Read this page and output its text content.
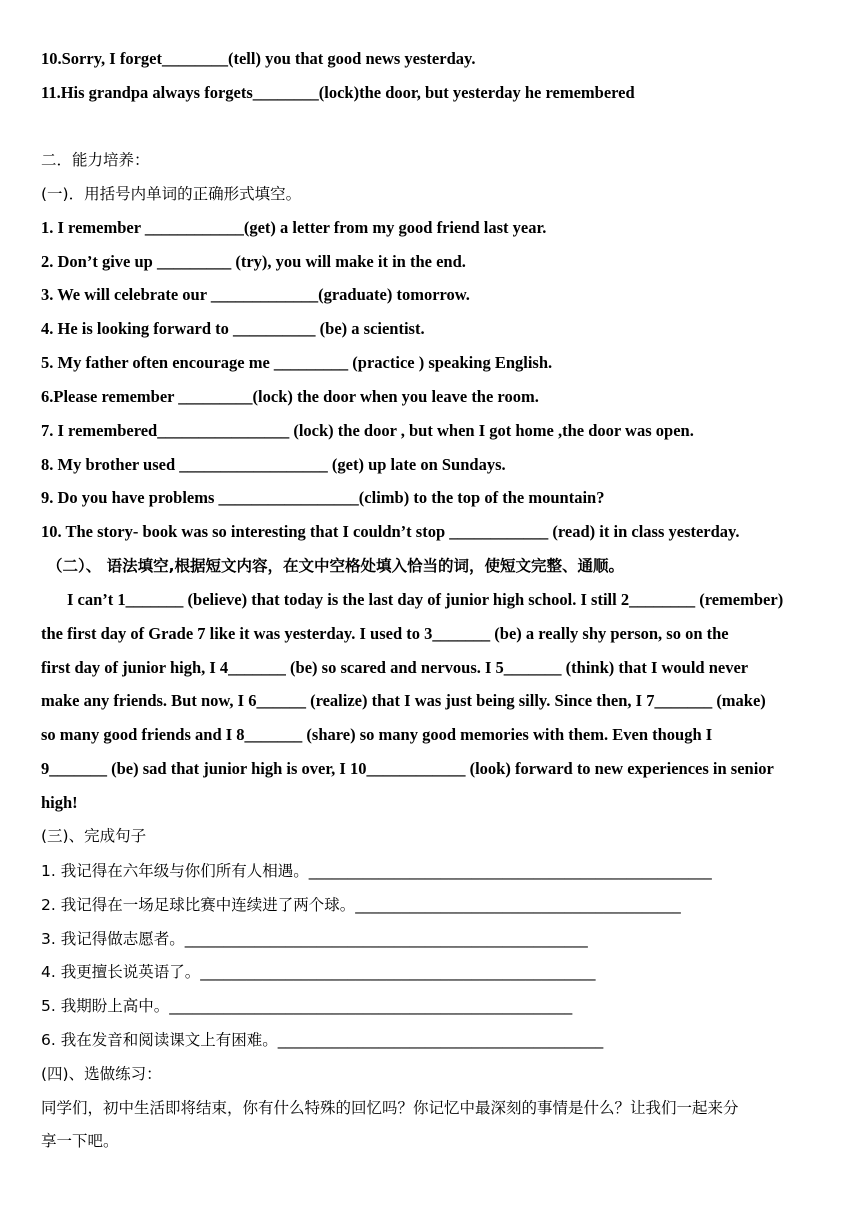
10.Sorry, I forget________(tell) you that good news yesterday.
11.His grandpa always forgets________(lock)the door, but yesterday he remembered
二．能力培养：
(一)．用括号内单词的正确形式填空。
1. I remember ____________(get) a letter from my good friend last year.
2. Don’t give up _________ (try), you will make it in the end.
3. We will celebrate our _____________(graduate) tomorrow.
4. He is looking forward to __________ (be) a scientist.
5. My father often encourage me _________ (practice ) speaking English.
6.Please remember _________(lock) the door when you leave the room.
7. I remembered________________ (lock) the door , but when I got home ,the door was open.
8. My brother used __________________ (get) up late on Sundays.
9. Do you have problems _________________(climb) to the top of the mountain?
10. The story- book was so interesting that I couldn’t stop ____________ (read) it in class yesterday.
（二）、 语法填空,根据短文内容，在文中空格处填入恰当的词，使短文完整、通顺。
I can’t 1_______ (believe) that today is the last day of junior high school. I still 2________ (remember)
the first day of Grade 7 like it was yesterday. I used to 3_______ (be) a really shy person, so on the
first day of junior high, I 4_______ (be) so scared and nervous. I 5_______ (think) that I would never
make any friends. But now, I 6______ (realize) that I was just being silly. Since then, I 7_______ (make)
so many good friends and I 8_______ (share) so many good memories with them. Even though I
9_______ (be) sad that junior high is over, I 10____________ (look) forward to new experiences in senior
high!
(三)、完成句子
1. 我记得在六年级与你们所有人相遇。____________________________________________________
2. 我记得在一场足球比赛中连续进了两个球。__________________________________________
3. 我记得做志愿者。____________________________________________________
4. 我更擅长说英语了。___________________________________________________
5. 我期盼上高中。____________________________________________________
6. 我在发音和阅读课文上有困难。__________________________________________
(四)、选做练习：
同学们，初中生活即将结束，你有什么特殊的回忆吗？你记忆中最深刻的事情是什么？让我们一起来分
享一下吧。
